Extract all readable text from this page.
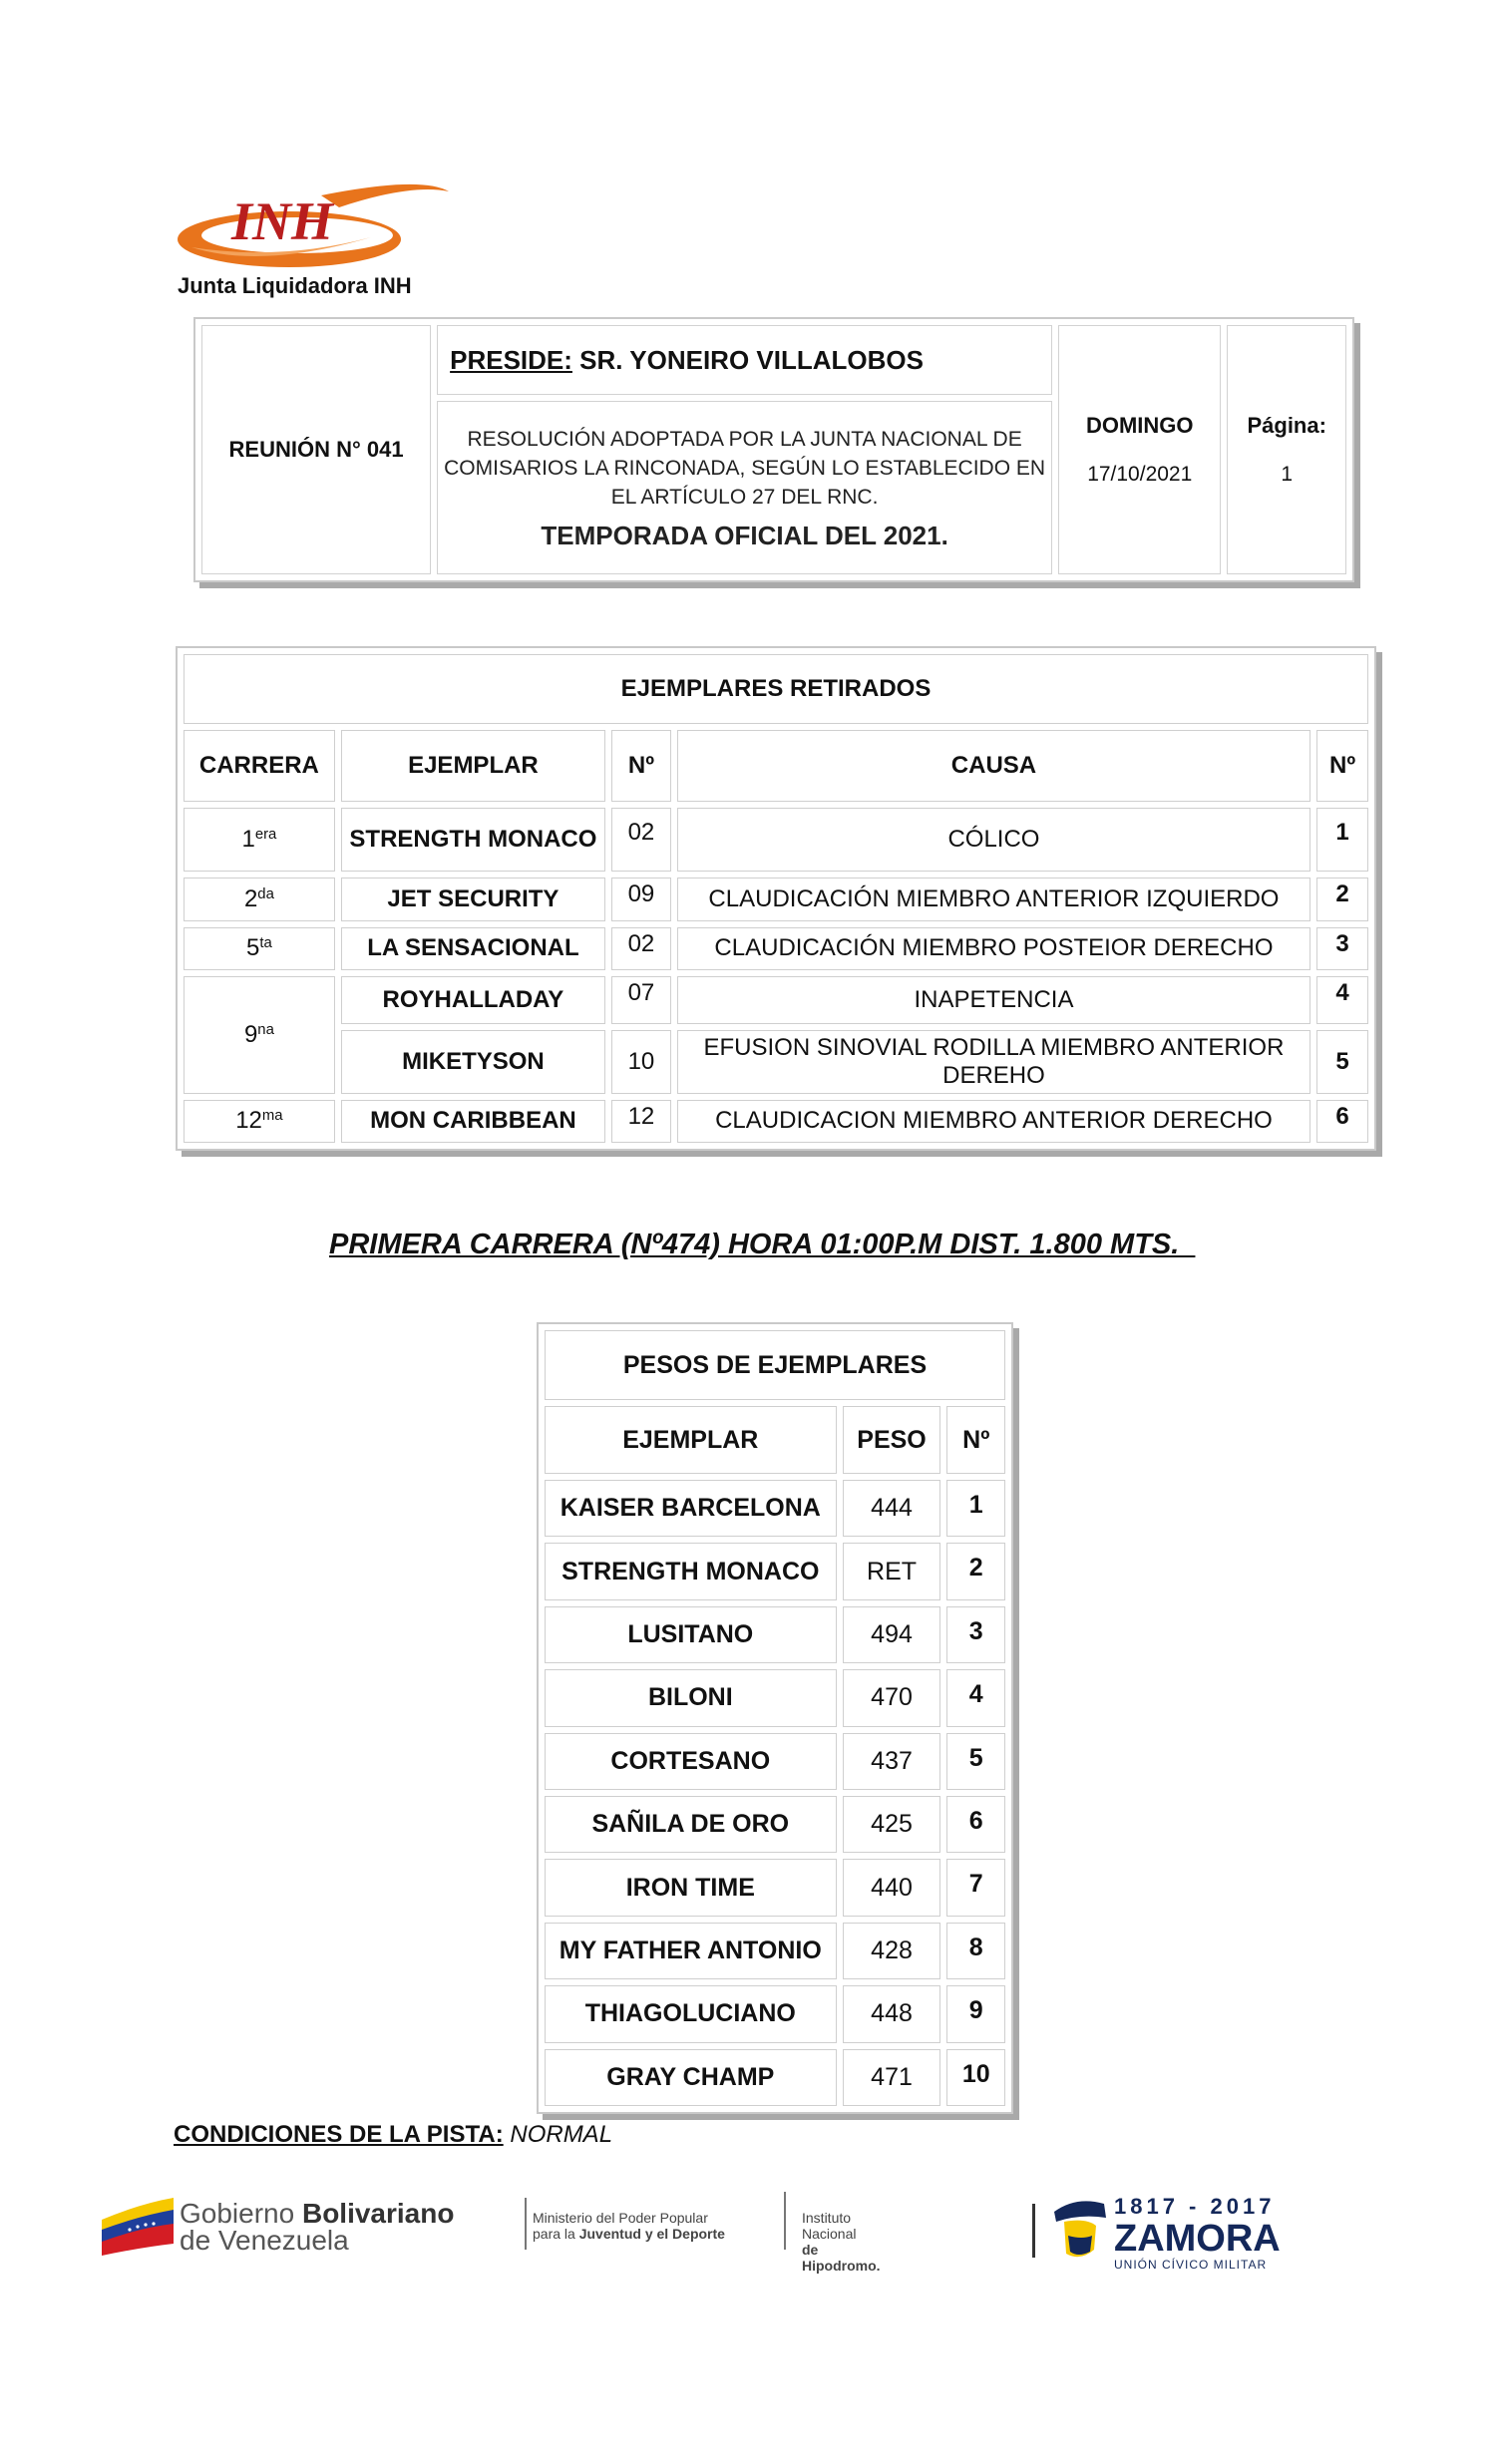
INH
Junta Liquidadora INH
REUNIÓN N° 041	PRESIDE: SR. YONEIRO VILLALOBOS	
DOMINGO
17/10/2021

Página:
1

RESOLUCIÓN ADOPTADA POR LA JUNTA NACIONAL DE COMISARIOS LA RINCONADA, SEGÚN LO ESTABLECIDO EN EL ARTÍCULO 27 DEL RNC.
TEMPORADA OFICIAL DEL 2021.
EJEMPLARES RETIRADOS				
CARRERA	EJEMPLAR	Nº	CAUSA	Nº
$1^{era}$	STRENGTH MONACO	02	CÓLICO	1
$2^{da}$	JET SECURITY	09	CLAUDICACIÓN MIEMBRO ANTERIOR IZQUIERDO	2
$5^{ta}$	LA SENSACIONAL	02	CLAUDICACIÓN MIEMBRO POSTEIOR DERECHO	3
$9^{na}$	ROYHALLADAY	07	INAPETENCIA	4
	MIKETYSON	10	EFUSION SINOVIAL RODILLA MIEMBRO ANTERIOR DEREHO	5
$12^{ma}$	MON CARIBBEAN	12	CLAUDICACION MIEMBRO ANTERIOR DERECHO	6
PRIMERA CARRERA (Nº474) HORA 01:00P.M DIST. 1.800 MTS._
PESOS DE EJEMPLARES		
EJEMPLAR	PESO	Nº
KAISER BARCELONA	444	1
STRENGTH MONACO	RET	2
LUSITANO	494	3
BILONI	470	4
CORTESANO	437	5
SAÑILA DE ORO	425	6
IRON TIME	440	7
MY FATHER ANTONIO	428	8
THIAGOLUCIANO	448	9
GRAY CHAMP	471	10
CONDICIONES DE LA PISTA: NORMAL
Gobierno Bolivariano
de Venezuela
Ministerio del Poder Popular
para la Juventud y el Deporte
Instituto Nacional
de Hipodromo.
1817 - 2017
ZAMORA
UNIÓN CÍVICO MILITAR
